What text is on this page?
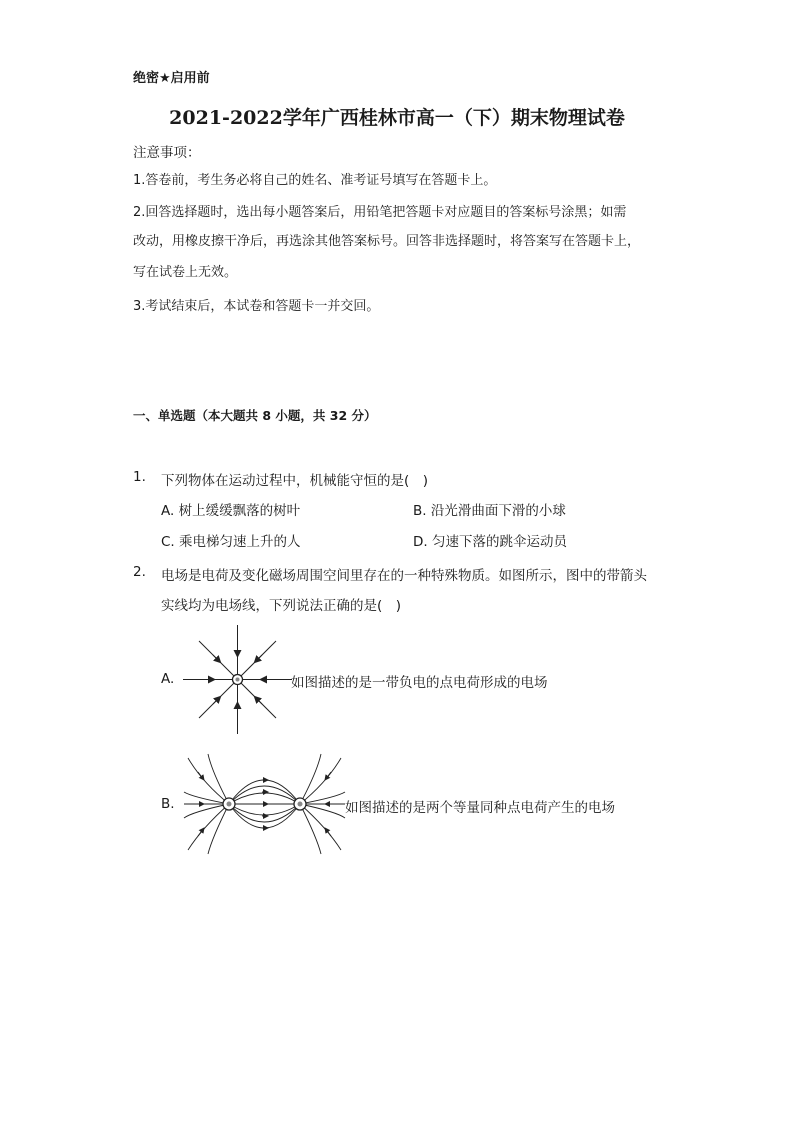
绝密★启用前
2021-2022学年广西桂林市高一（下）期末物理试卷
注意事项：
1.答卷前，考生务必将自己的姓名、准考证号填写在答题卡上。
2.回答选择题时，选出每小题答案后，用铅笔把答题卡对应题目的答案标号涂黑；如需
改动，用橡皮擦干净后，再选涂其他答案标号。回答非选择题时，将答案写在答题卡上，
写在试卷上无效。
3.考试结束后，本试卷和答题卡一并交回。
一、单选题（本大题共 8 小题，共 32 分）
1. 下列物体在运动过程中，机械能守恒的是(　)
A. 树上缓缓飘落的树叶	B. 沿光滑曲面下滑的小球
C. 乘电梯匀速上升的人	D. 匀速下落的跳伞运动员
2. 电场是电荷及变化磁场周围空间里存在的一种特殊物质。如图所示，图中的带箭头
实线均为电场线，下列说法正确的是(　)
A.	如图描述的是一带负电的点电荷形成的电场
B.	如图描述的是两个等量同种点电荷产生的电场
